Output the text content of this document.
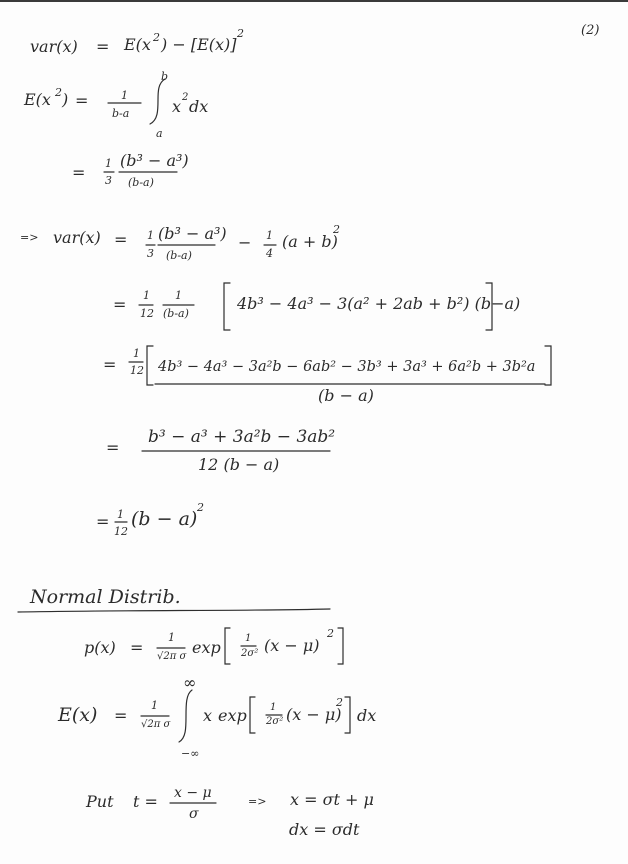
(2)
var(x) = E(x 2 ) − [E(x)]
2
E(x 2 ) =	1
b-a
b
a
x 2 dx
= 1
3
(b³ − a³)
(b-a)
=> var(x) = 1
3
(b³ − a³)
(b-a)
− 1
4
(a + b)
2
= 1
12
1
(b-a)
4b³ − 4a³ − 3(a² + 2ab + b²) (b−a)
=
1
12 4b³ − 4a³ − 3a²b − 6ab² − 3b³ + 3a³ + 6a²b + 3b²a
(b − a)
=
b³ − a³ + 3a²b − 3ab²
12 (b − a)
= 1
12
(b − a)
2
Normal Distrib.
p(x) =
1
√2π σ exp 1
2σ² (x − μ)
2
E(x) =
1
√2π σ
∞
−∞
x exp 1
2σ² (x − μ)
2
dx
Put t = x − μ
σ
=> x = σt + μ
dx = σdt
